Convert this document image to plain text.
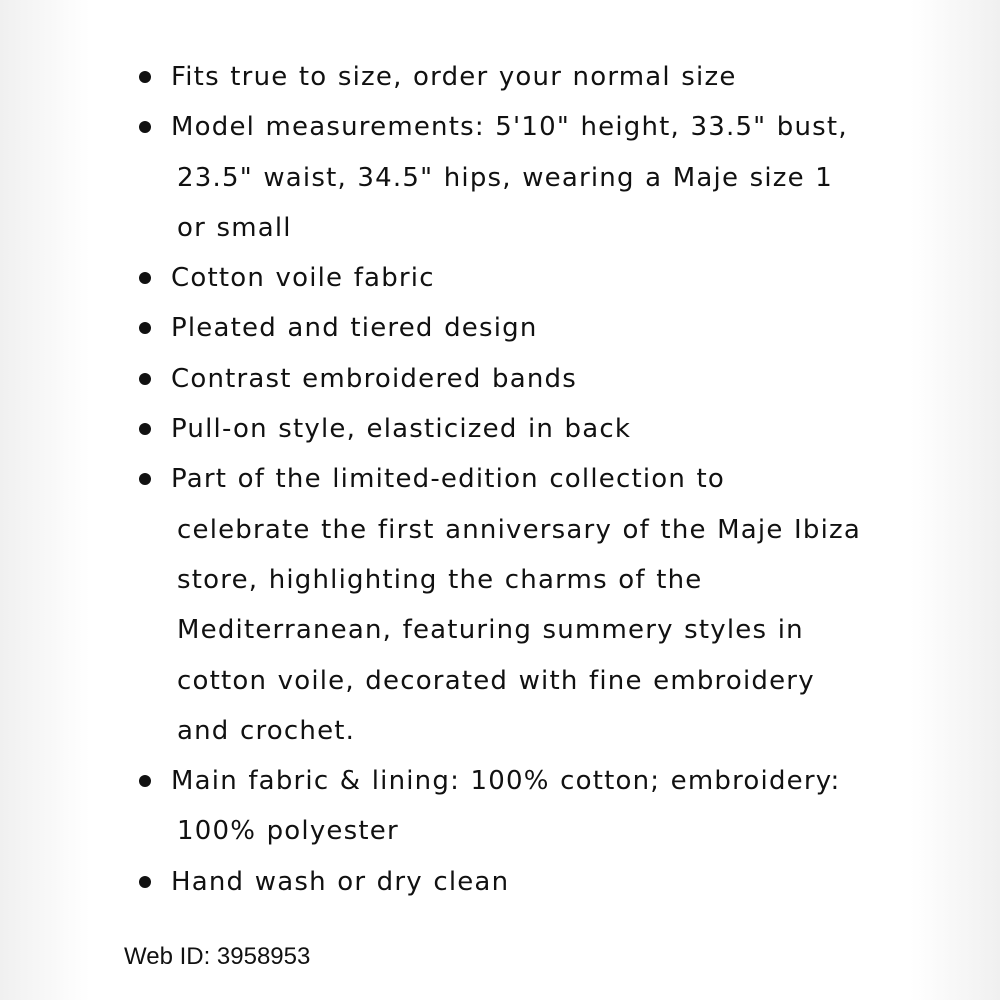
Fits true to size, order your normal size
Model measurements: 5'10" height, 33.5" bust,
23.5" waist, 34.5" hips, wearing a Maje size 1
or small
Cotton voile fabric
Pleated and tiered design
Contrast embroidered bands
Pull-on style, elasticized in back
Part of the limited-edition collection to
celebrate the first anniversary of the Maje Ibiza
store, highlighting the charms of the
Mediterranean, featuring summery styles in
cotton voile, decorated with fine embroidery
and crochet.
Main fabric & lining: 100% cotton; embroidery:
100% polyester
Hand wash or dry clean

Web ID: 3958953
